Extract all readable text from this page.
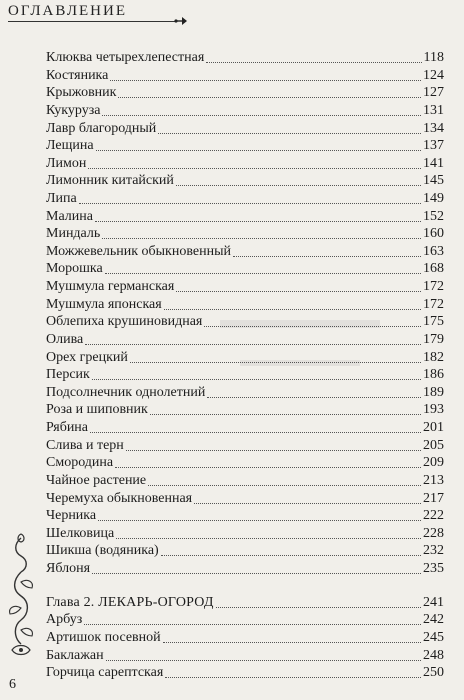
ОГЛАВЛЕНИЕ
Клюква четырехлепестная	118
Костяника	124
Крыжовник	127
Кукуруза	131
Лавр благородный	134
Лещина	137
Лимон	141
Лимонник китайский	145
Липа	149
Малина	152
Миндаль	160
Можжевельник обыкновенный	163
Морошка	168
Мушмула германская	172
Мушмула японская	172
Облепиха крушиновидная	175
Олива	179
Орех грецкий	182
Персик	186
Подсолнечник однолетний	189
Роза и шиповник	193
Рябина	201
Слива и терн	205
Смородина	209
Чайное растение	213
Черемуха обыкновенная	217
Черника	222
Шелковица	228
Шикша (водяника)	232
Яблоня	235
Глава 2. ЛЕКАРЬ-ОГОРОД	241
Арбуз	242
Артишок посевной	245
Баклажан	248
Горчица сарептская	250
6
